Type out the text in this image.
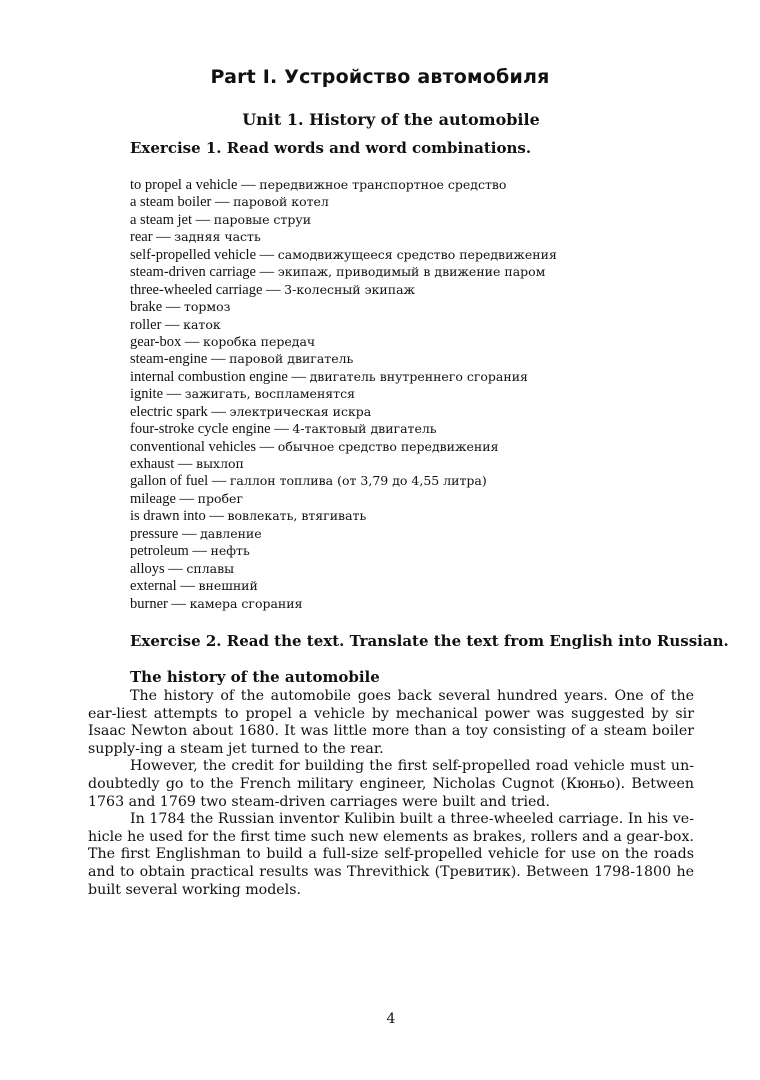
Part I. Устройство автомобиля
Unit 1. History of the automobile
Exercise 1. Read words and word combinations.
to propel a vehicle — передвижное транспортное средство
a steam boiler — паровой котел
a steam jet — паровые струи
rear — задняя часть
self-propelled vehicle — самодвижущееся средство передвижения
steam-driven carriage — экипаж, приводимый в движение паром
three-wheeled carriage — 3-колесный экипаж
brake — тормоз
roller — каток
gear-box — коробка передач
steam-engine — паровой двигатель
internal combustion engine — двигатель внутреннего сгорания
ignite — зажигать, воспламенятся
electric spark — электрическая искра
four-stroke cycle engine — 4-тактовый двигатель
conventional vehicles — обычное средство передвижения
exhaust — выхлоп
gallon of fuel — галлон топлива (от 3,79 до 4,55 литра)
mileage — пробег
is drawn into — вовлекать, втягивать
pressure — давление
petroleum — нефть
alloys — сплавы
external — внешний
burner — камера сгорания
Exercise 2. Read the text. Translate the text from English into Russian.
The history of the automobile

The history of the automobile goes back several hundred years. One of the ear-liest attempts to propel a vehicle by mechanical power was suggested by sir Isaac Newton about 1680. It was little more than a toy consisting of a steam boiler supply-ing a steam jet turned to the rear.

However, the credit for building the first self-propelled road vehicle must un-doubtedly go to the French military engineer, Nicholas Cugnot (Кюньо). Between 1763 and 1769 two steam-driven carriages were built and tried.

In 1784 the Russian inventor Kulibin built a three-wheeled carriage. In his ve-hicle he used for the first time such new elements as brakes, rollers and a gear-box. The first Englishman to build a full-size self-propelled vehicle for use on the roads and to obtain practical results was Threvithick (Тревитик). Between 1798-1800 he built several working models.

4
